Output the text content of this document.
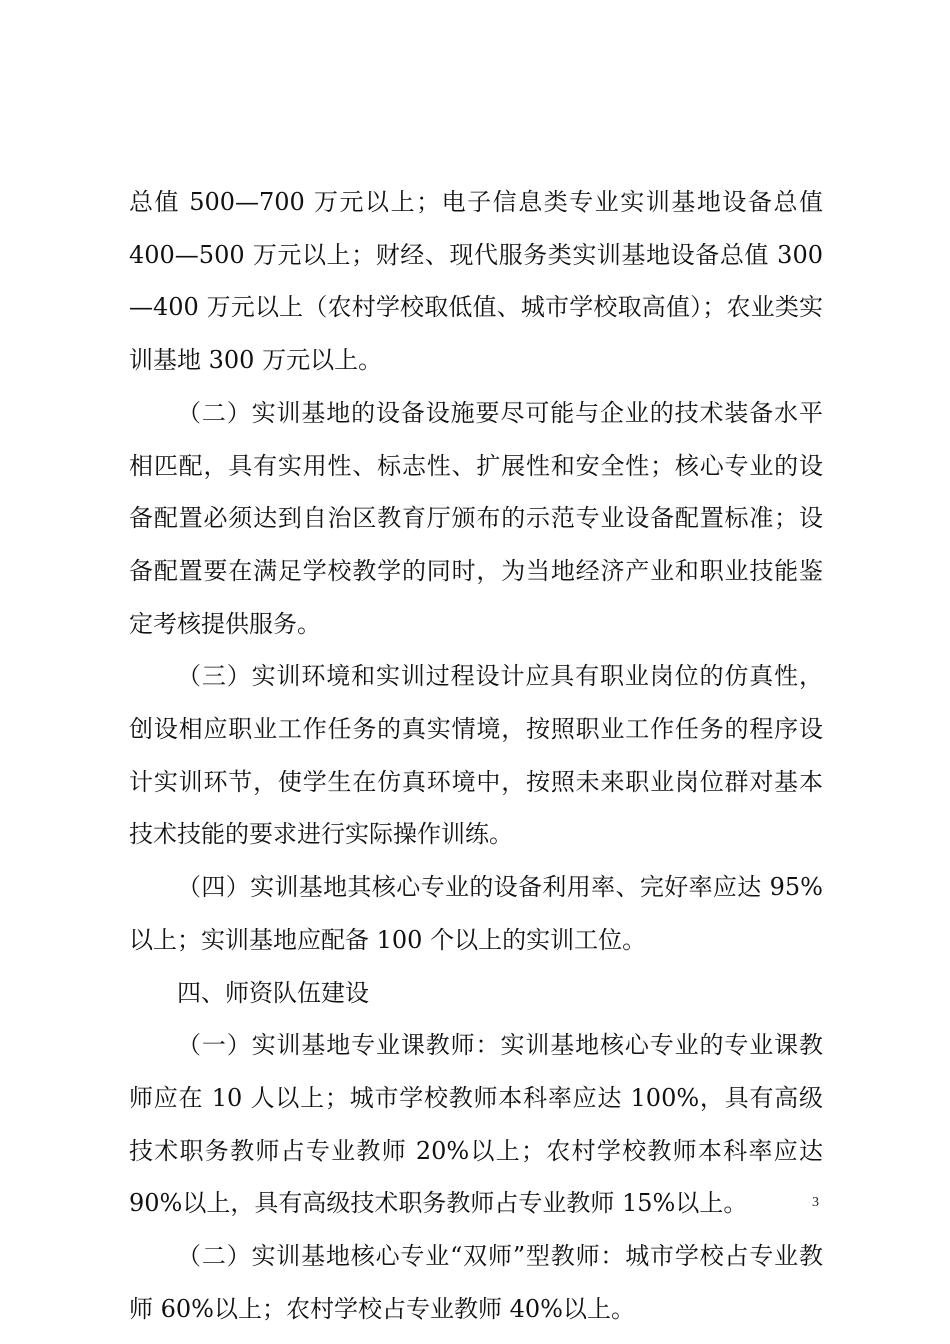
总值 500—700 万元以上；电子信息类专业实训基地设备总值 400—500 万元以上；财经、现代服务类实训基地设备总值 300—400 万元以上（农村学校取低值、城市学校取高值）；农业类实训基地 300 万元以上。

（二）实训基地的设备设施要尽可能与企业的技术装备水平相匹配，具有实用性、标志性、扩展性和安全性；核心专业的设备配置必须达到自治区教育厅颁布的示范专业设备配置标准；设备配置要在满足学校教学的同时，为当地经济产业和职业技能鉴定考核提供服务。

（三）实训环境和实训过程设计应具有职业岗位的仿真性，创设相应职业工作任务的真实情境，按照职业工作任务的程序设计实训环节，使学生在仿真环境中，按照未来职业岗位群对基本技术技能的要求进行实际操作训练。

（四）实训基地其核心专业的设备利用率、完好率应达 95%以上；实训基地应配备 100 个以上的实训工位。

四、师资队伍建设

（一）实训基地专业课教师：实训基地核心专业的专业课教师应在 10 人以上；城市学校教师本科率应达 100%，具有高级技术职务教师占专业教师 20%以上；农村学校教师本科率应达 90%以上，具有高级技术职务教师占专业教师 15%以上。

（二）实训基地核心专业“双师”型教师：城市学校占专业教师 60%以上；农村学校占专业教师 40%以上。

3
